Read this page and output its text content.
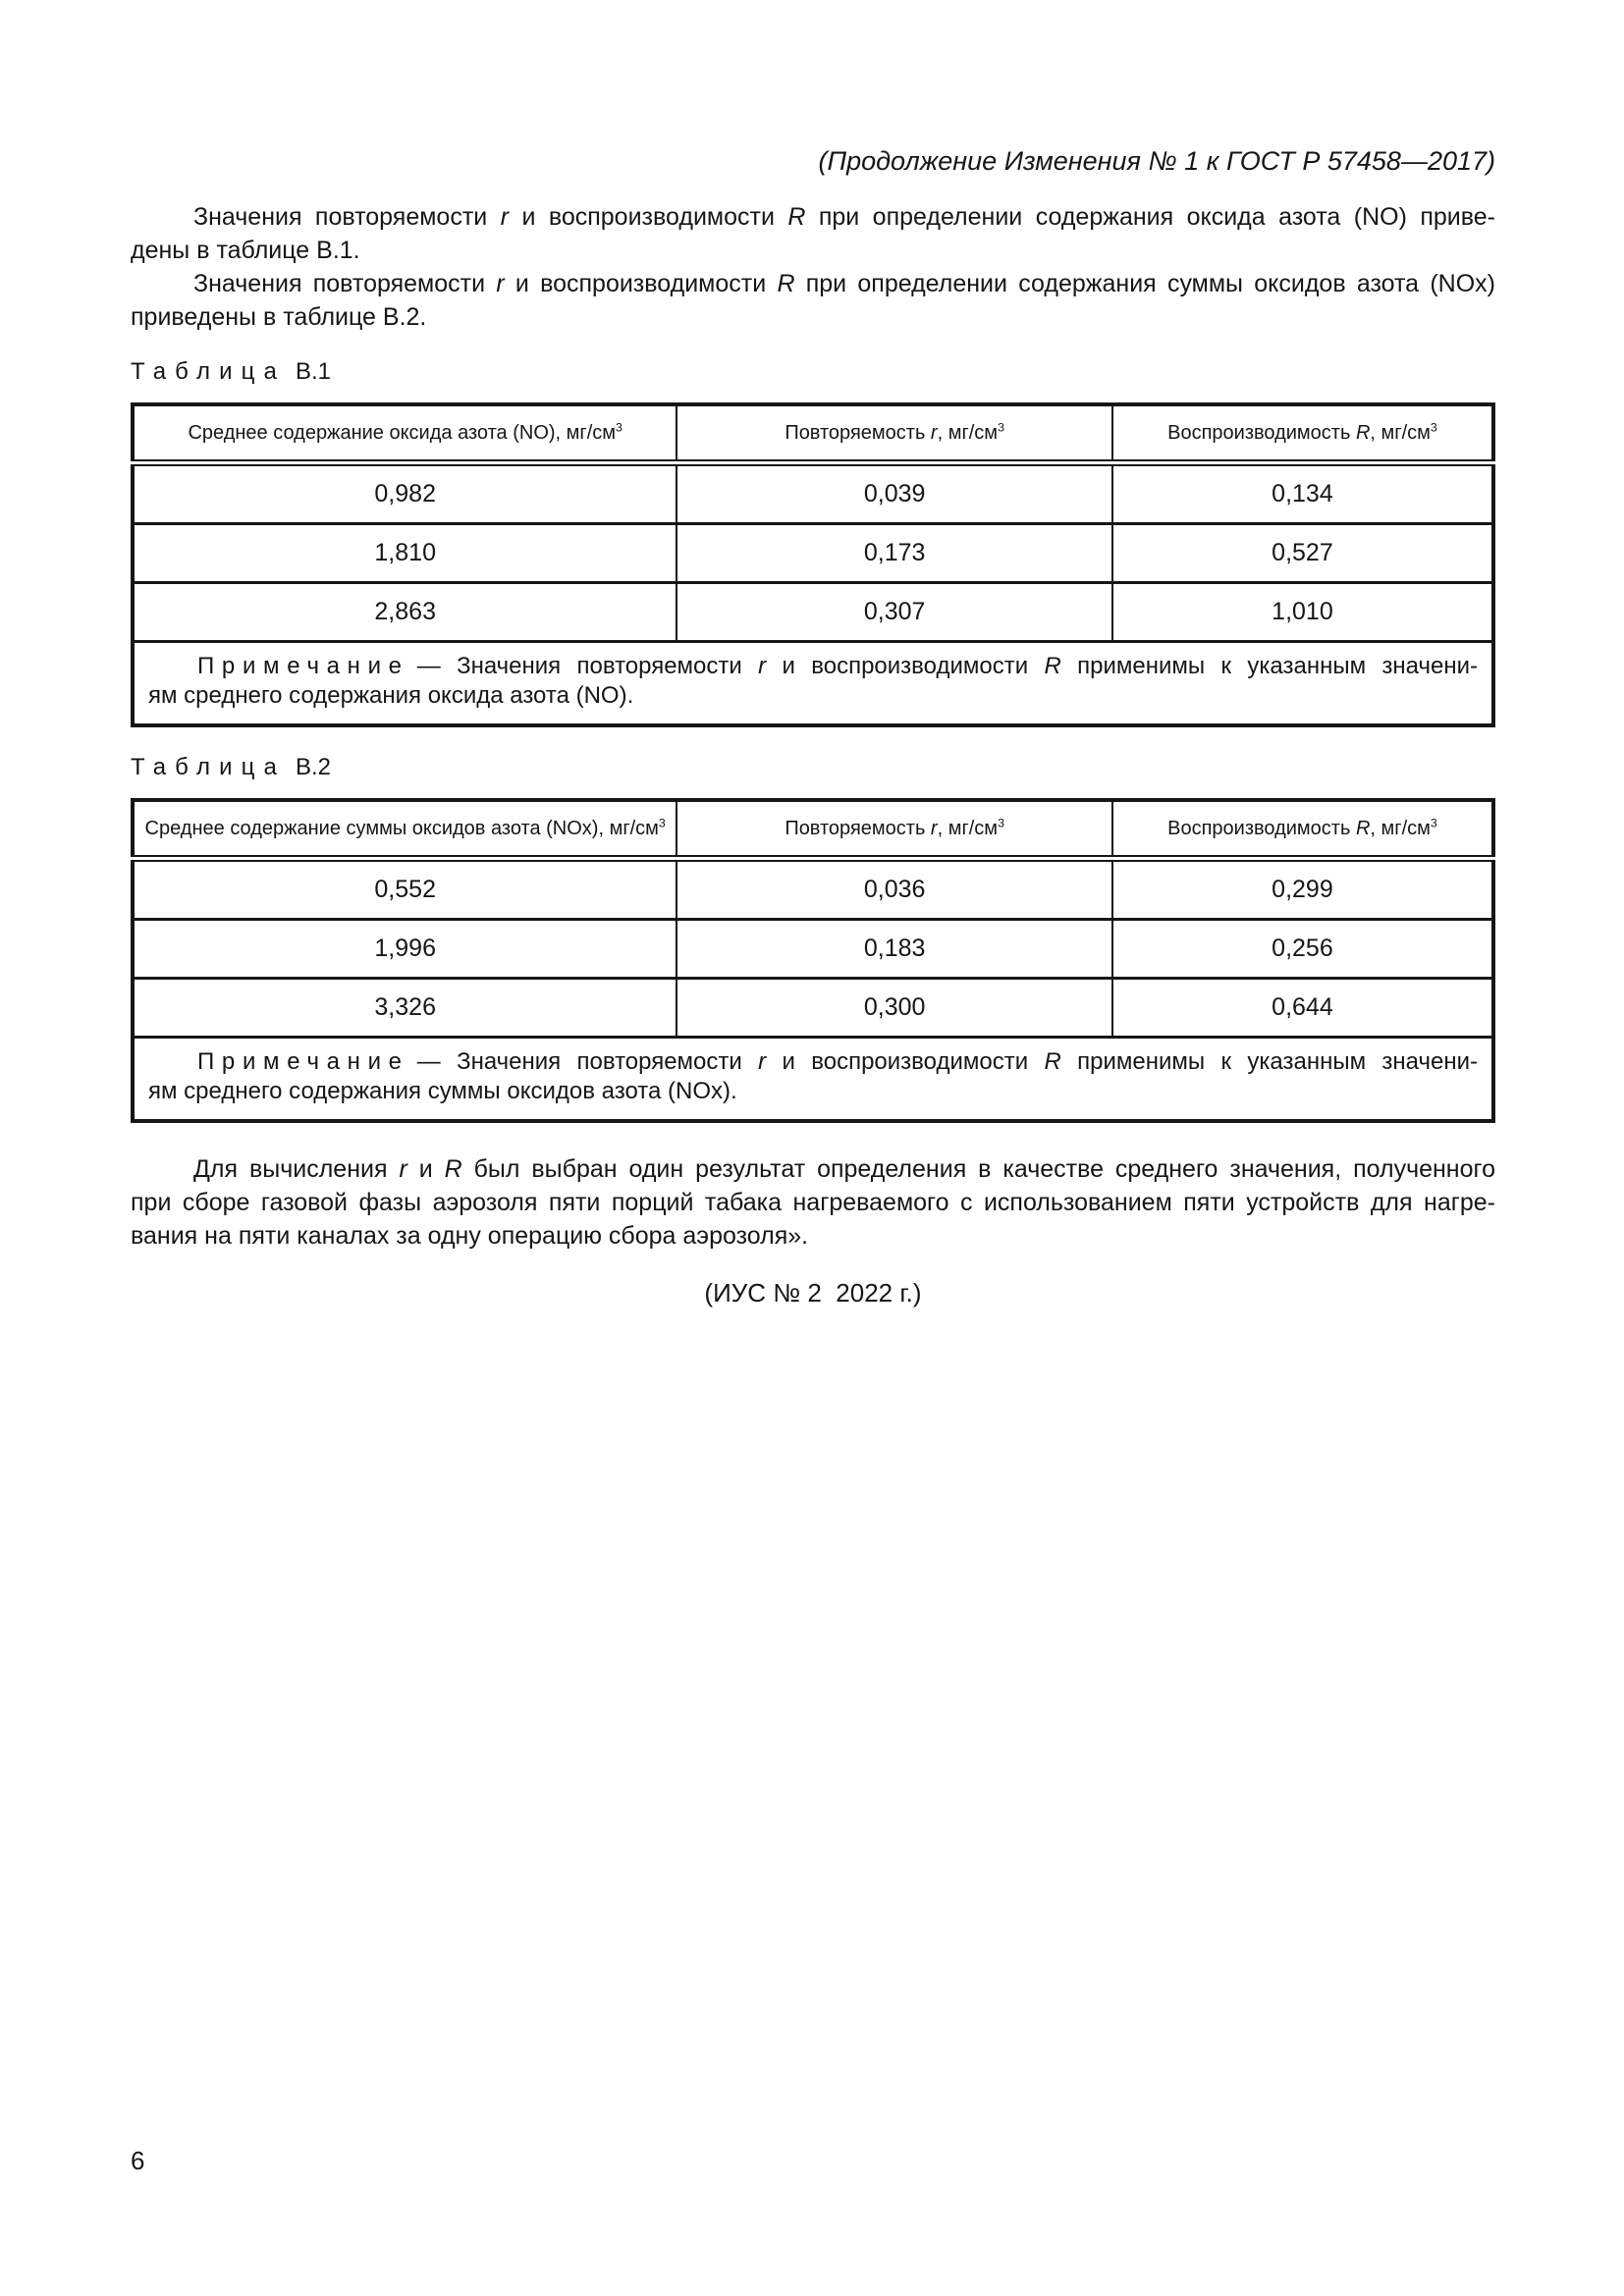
(Продолжение Изменения № 1 к ГОСТ Р 57458—2017)
Значения повторяемости r и воспроизводимости R при определении содержания оксида азота (NO) приве-
дены в таблице В.1.
Значения повторяемости r и воспроизводимости R при определении содержания суммы оксидов азота (NOx)
приведены в таблице В.2.
Таблица В.1
Среднее содержание оксида азота (NO), $мг/см^3$	Повторяемость r, $мг/см^3$	Воспроизводимость R, $мг/см^3$
0,982	0,039	0,134
1,810	0,173	0,527
2,863	0,307	1,010

Примечание — Значения повторяемости r и воспроизводимости R применимы к указанным значени-
ям среднего содержания оксида азота (NO).		
Таблица В.2
Среднее содержание суммы оксидов азота (NOx), $мг/см^3$	Повторяемость r, $мг/см^3$	Воспроизводимость R, $мг/см^3$
0,552	0,036	0,299
1,996	0,183	0,256
3,326	0,300	0,644

Примечание — Значения повторяемости r и воспроизводимости R применимы к указанным значени-
ям среднего содержания суммы оксидов азота (NOx).		
Для вычисления r и R был выбран один результат определения в качестве среднего значения, полученного
при сборе газовой фазы аэрозоля пяти порций табака нагреваемого с использованием пяти устройств для нагре-
вания на пяти каналах за одну операцию сбора аэрозоля».
(ИУС № 2  2022 г.)
6
